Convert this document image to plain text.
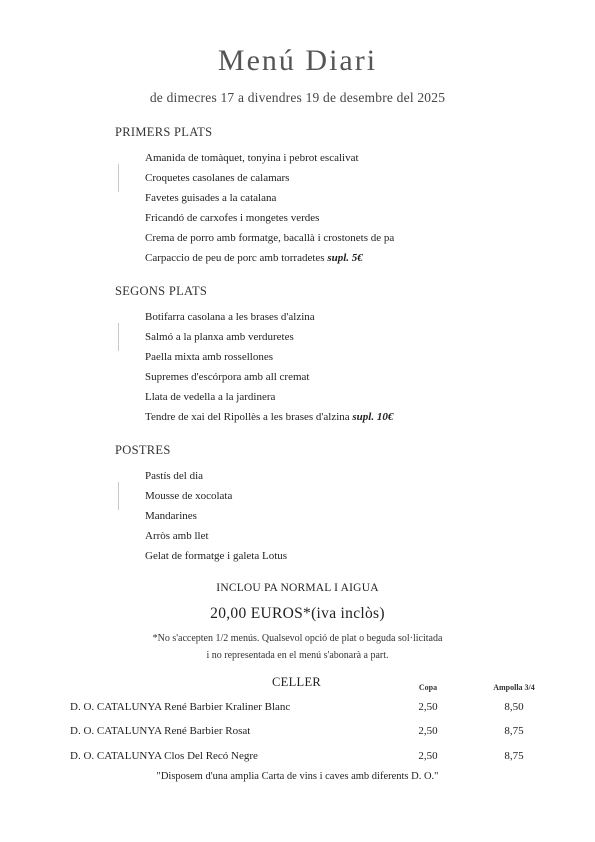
Menú Diari
de dimecres 17 a divendres 19 de desembre del 2025
PRIMERS PLATS
Amanida de tomàquet, tonyina i pebrot escalivat
Croquetes casolanes de calamars
Favetes guisades a la catalana
Fricandó de carxofes i mongetes verdes
Crema de porro amb formatge, bacallà i crostonets de pa
Carpaccio de peu de porc amb torradetes supl. 5€
SEGONS PLATS
Botifarra casolana a les brases d'alzina
Salmó a la planxa amb verduretes
Paella mixta amb rossellones
Supremes d'escórpora amb all cremat
Llata de vedella a la jardinera
Tendre de xai del Ripollès a les brases d'alzina supl. 10€
POSTRES
Pastís del dia
Mousse de xocolata
Mandarines
Arròs amb llet
Gelat de formatge i galeta Lotus
INCLOU PA NORMAL I AIGUA
20,00 EUROS*(iva inclòs)
*No s'accepten 1/2 menús. Qualsevol opció de plat o beguda sol·licitada
i no representada en el menú s'abonarà a part.
CELLER	Copa	Ampolla 3/4
D. O. CATALUNYA René Barbier Kraliner Blanc	2,50	8,50
D. O. CATALUNYA René Barbier Rosat	2,50	8,75
D. O. CATALUNYA Clos Del Recó Negre	2,50	8,75
"Disposem d'una amplia Carta de vins i caves amb diferents D. O."
